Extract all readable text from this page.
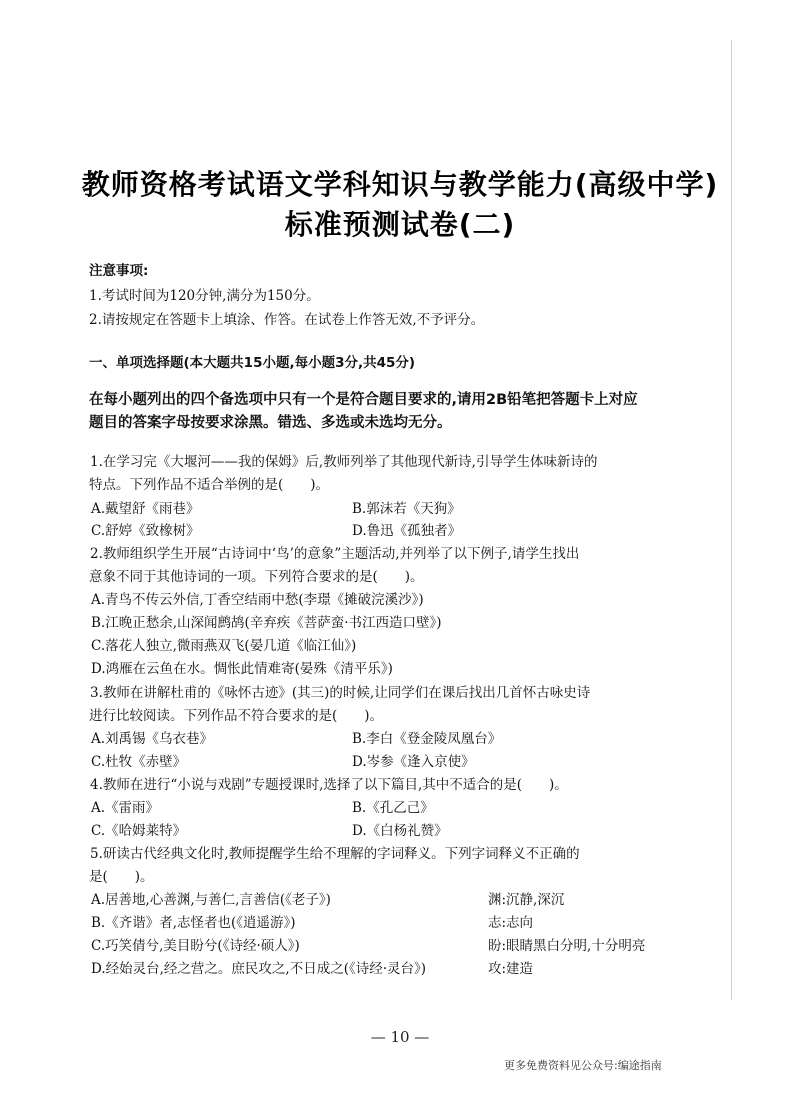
教师资格考试语文学科知识与教学能力(高级中学)
标准预测试卷(二)
注意事项:
1.考试时间为120分钟,满分为150分。
2.请按规定在答题卡上填涂、作答。在试卷上作答无效,不予评分。
一、单项选择题(本大题共15小题,每小题3分,共45分)
在每小题列出的四个备选项中只有一个是符合题目要求的,请用2B铅笔把答题卡上对应
题目的答案字母按要求涂黑。错选、多选或未选均无分。
1.在学习完《大堰河——我的保姆》后,教师列举了其他现代新诗,引导学生体味新诗的
特点。下列作品不适合举例的是(　　)。
A.戴望舒《雨巷》	B.郭沫若《天狗》
C.舒婷《致橡树》	D.鲁迅《孤独者》
2.教师组织学生开展“古诗词中‘鸟’的意象”主题活动,并列举了以下例子,请学生找出
意象不同于其他诗词的一项。下列符合要求的是(　　)。
A.青鸟不传云外信,丁香空结雨中愁(李璟《摊破浣溪沙》)
B.江晚正愁余,山深闻鹧鸪(辛弃疾《菩萨蛮·书江西造口壁》)
C.落花人独立,微雨燕双飞(晏几道《临江仙》)
D.鸿雁在云鱼在水。惆怅此情难寄(晏殊《清平乐》)
3.教师在讲解杜甫的《咏怀古迹》(其三)的时候,让同学们在课后找出几首怀古咏史诗
进行比较阅读。下列作品不符合要求的是(　　)。
A.刘禹锡《乌衣巷》	B.李白《登金陵凤凰台》
C.杜牧《赤壁》	D.岑参《逢入京使》
4.教师在进行“小说与戏剧”专题授课时,选择了以下篇目,其中不适合的是(　　)。
A.《雷雨》	B.《孔乙己》
C.《哈姆莱特》	D.《白杨礼赞》
5.研读古代经典文化时,教师提醒学生给不理解的字词释义。下列字词释义不正确的
是(　　)。
A.居善地,心善渊,与善仁,言善信(《老子》)	渊:沉静,深沉
B.《齐谐》者,志怪者也(《逍遥游》)	志:志向
C.巧笑倩兮,美目盼兮(《诗经·硕人》)	盼:眼睛黑白分明,十分明亮
D.经始灵台,经之营之。庶民攻之,不日成之(《诗经·灵台》)	攻:建造
— 10 —
更多免费资料见公众号:编途指南
